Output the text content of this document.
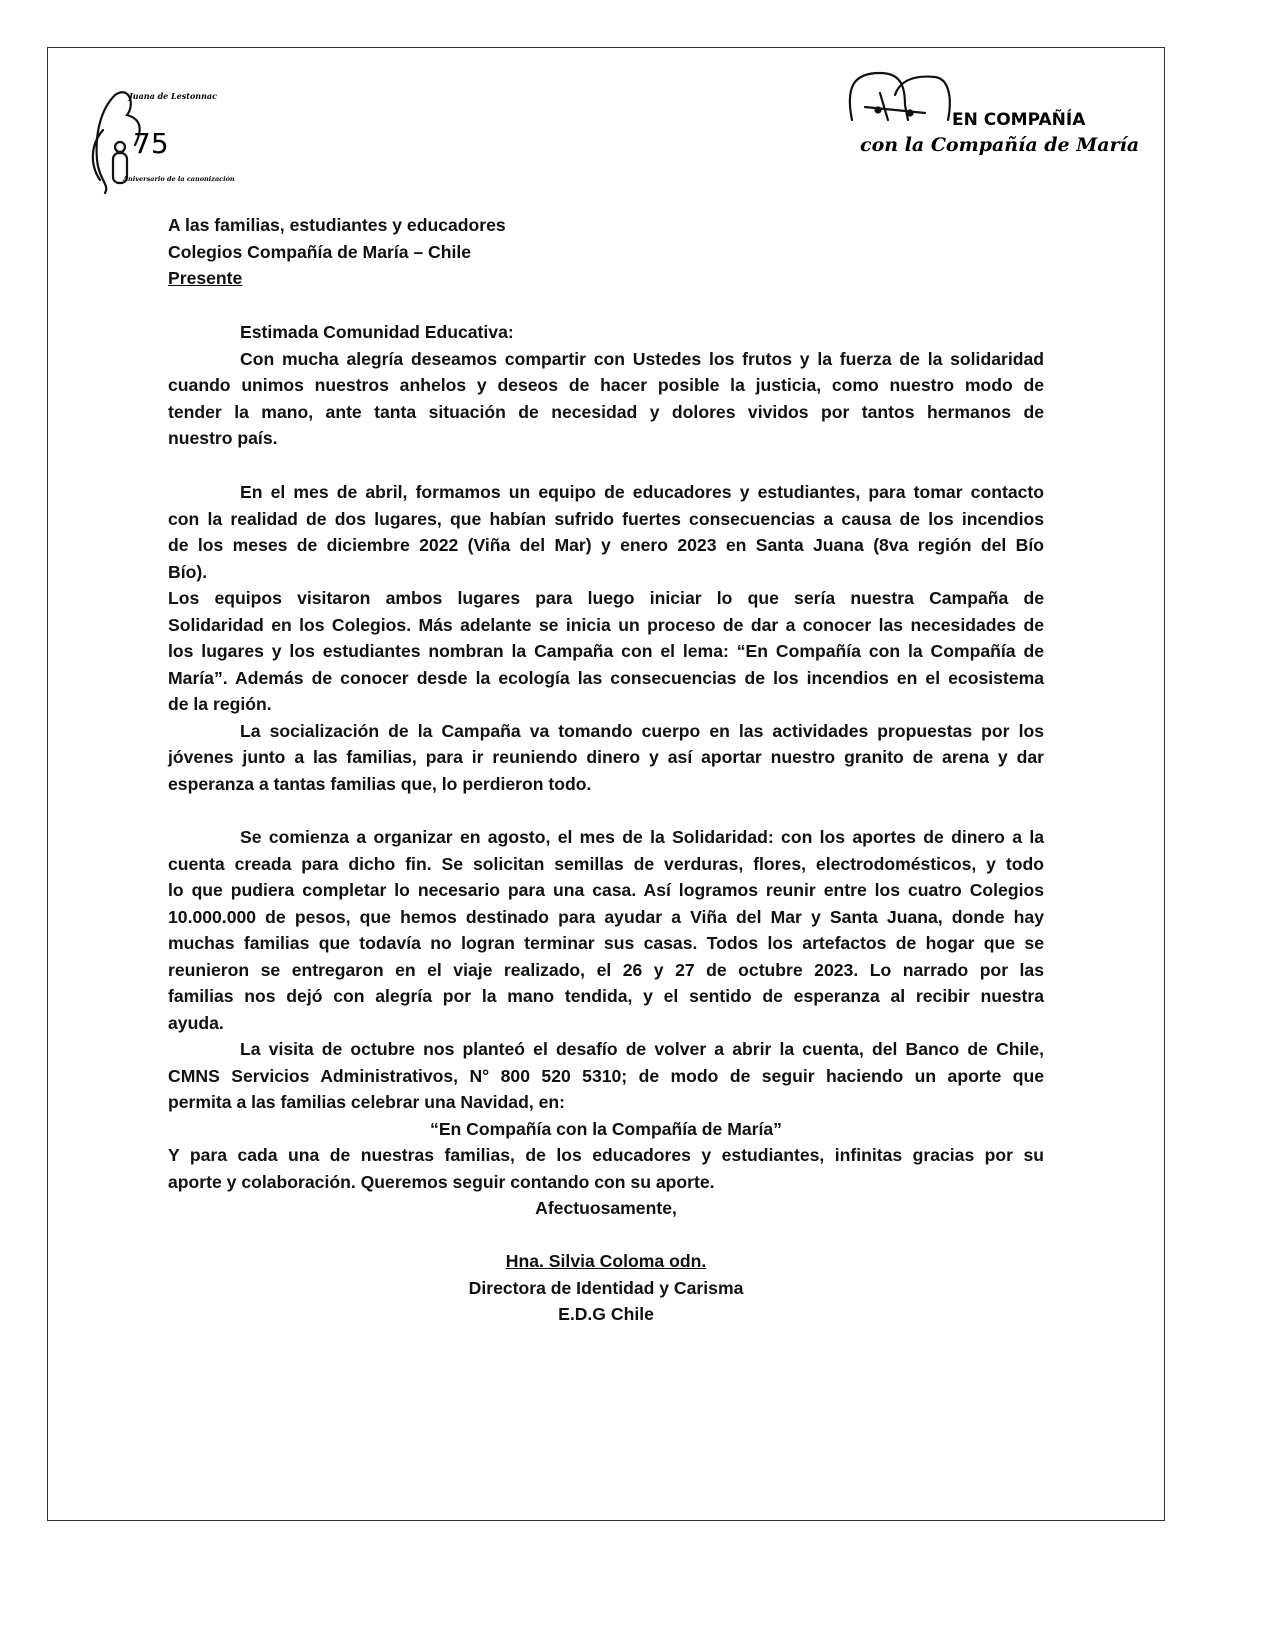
Juana de Lestonnac
75
Aniversario de la canonización
EN COMPAÑÍA
con la Compañía de María
A las familias, estudiantes y educadores
Colegios Compañía de María – Chile
Presente
Estimada Comunidad Educativa:
Con mucha alegría deseamos compartir con Ustedes los frutos y la fuerza de la solidaridad
cuando unimos nuestros anhelos y deseos de hacer posible la justicia, como nuestro modo de
tender la mano, ante tanta situación de necesidad y dolores vividos por tantos hermanos de
nuestro país.
En el mes de abril, formamos un equipo de educadores y estudiantes, para tomar contacto
con la realidad de dos lugares, que habían sufrido fuertes consecuencias a causa de los incendios
de los meses de diciembre 2022 (Viña del Mar) y enero 2023 en Santa Juana (8va región del Bío
Bío).
Los equipos visitaron ambos lugares para luego iniciar lo que sería nuestra Campaña de
Solidaridad en los Colegios. Más adelante se inicia un proceso de dar a conocer las necesidades de
los lugares y los estudiantes nombran la Campaña con el lema: “En Compañía con la Compañía de
María”. Además de conocer desde la ecología las consecuencias de los incendios en el ecosistema
de la región.
La socialización de la Campaña va tomando cuerpo en las actividades propuestas por los
jóvenes junto a las familias, para ir reuniendo dinero y así aportar nuestro granito de arena y dar
esperanza a tantas familias que, lo perdieron todo.
Se comienza a organizar en agosto, el mes de la Solidaridad: con los aportes de dinero a la
cuenta creada para dicho fin. Se solicitan semillas de verduras, flores, electrodomésticos, y todo
lo que pudiera completar lo necesario para una casa. Así logramos reunir entre los cuatro Colegios
10.000.000 de pesos, que hemos destinado para ayudar a Viña del Mar y Santa Juana, donde hay
muchas familias que todavía no logran terminar sus casas. Todos los artefactos de hogar que se
reunieron se entregaron en el viaje realizado, el 26 y 27 de octubre 2023. Lo narrado por las
familias nos dejó con alegría por la mano tendida, y el sentido de esperanza al recibir nuestra
ayuda.
La visita de octubre nos planteó el desafío de volver a abrir la cuenta, del Banco de Chile,
CMNS Servicios Administrativos, N° 800 520 5310; de modo de seguir haciendo un aporte que
permita a las familias celebrar una Navidad, en:
“En Compañía con la Compañía de María”
Y para cada una de nuestras familias, de los educadores y estudiantes, infinitas gracias por su
aporte y colaboración. Queremos seguir contando con su aporte.
Afectuosamente,
Hna. Silvia Coloma odn.
Directora de Identidad y Carisma
E.D.G Chile
